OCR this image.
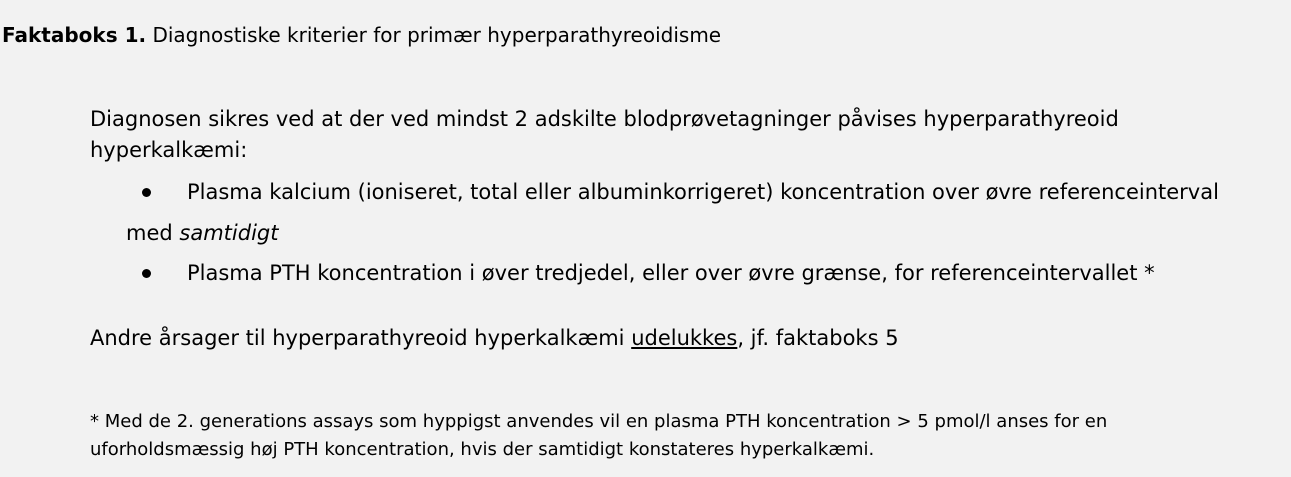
Faktaboks 1. Diagnostiske kriterier for primær hyperparathyreoidisme
Diagnosen sikres ved at der ved mindst 2 adskilte blodprøvetagninger påvises hyperparathyreoid hyperkalkæmi:
Plasma kalcium (ioniseret, total eller albuminkorrigeret) koncentration over øvre referenceinterval
med samtidigt
Plasma PTH koncentration i øver tredjedel, eller over øvre grænse, for referenceintervallet *
Andre årsager til hyperparathyreoid hyperkalkæmi udelukkes, jf. faktaboks 5
* Med de 2. generations assays som hyppigst anvendes vil en plasma PTH koncentration > 5 pmol/l anses for en uforholdsmæssig høj PTH koncentration, hvis der samtidigt konstateres hyperkalkæmi.
